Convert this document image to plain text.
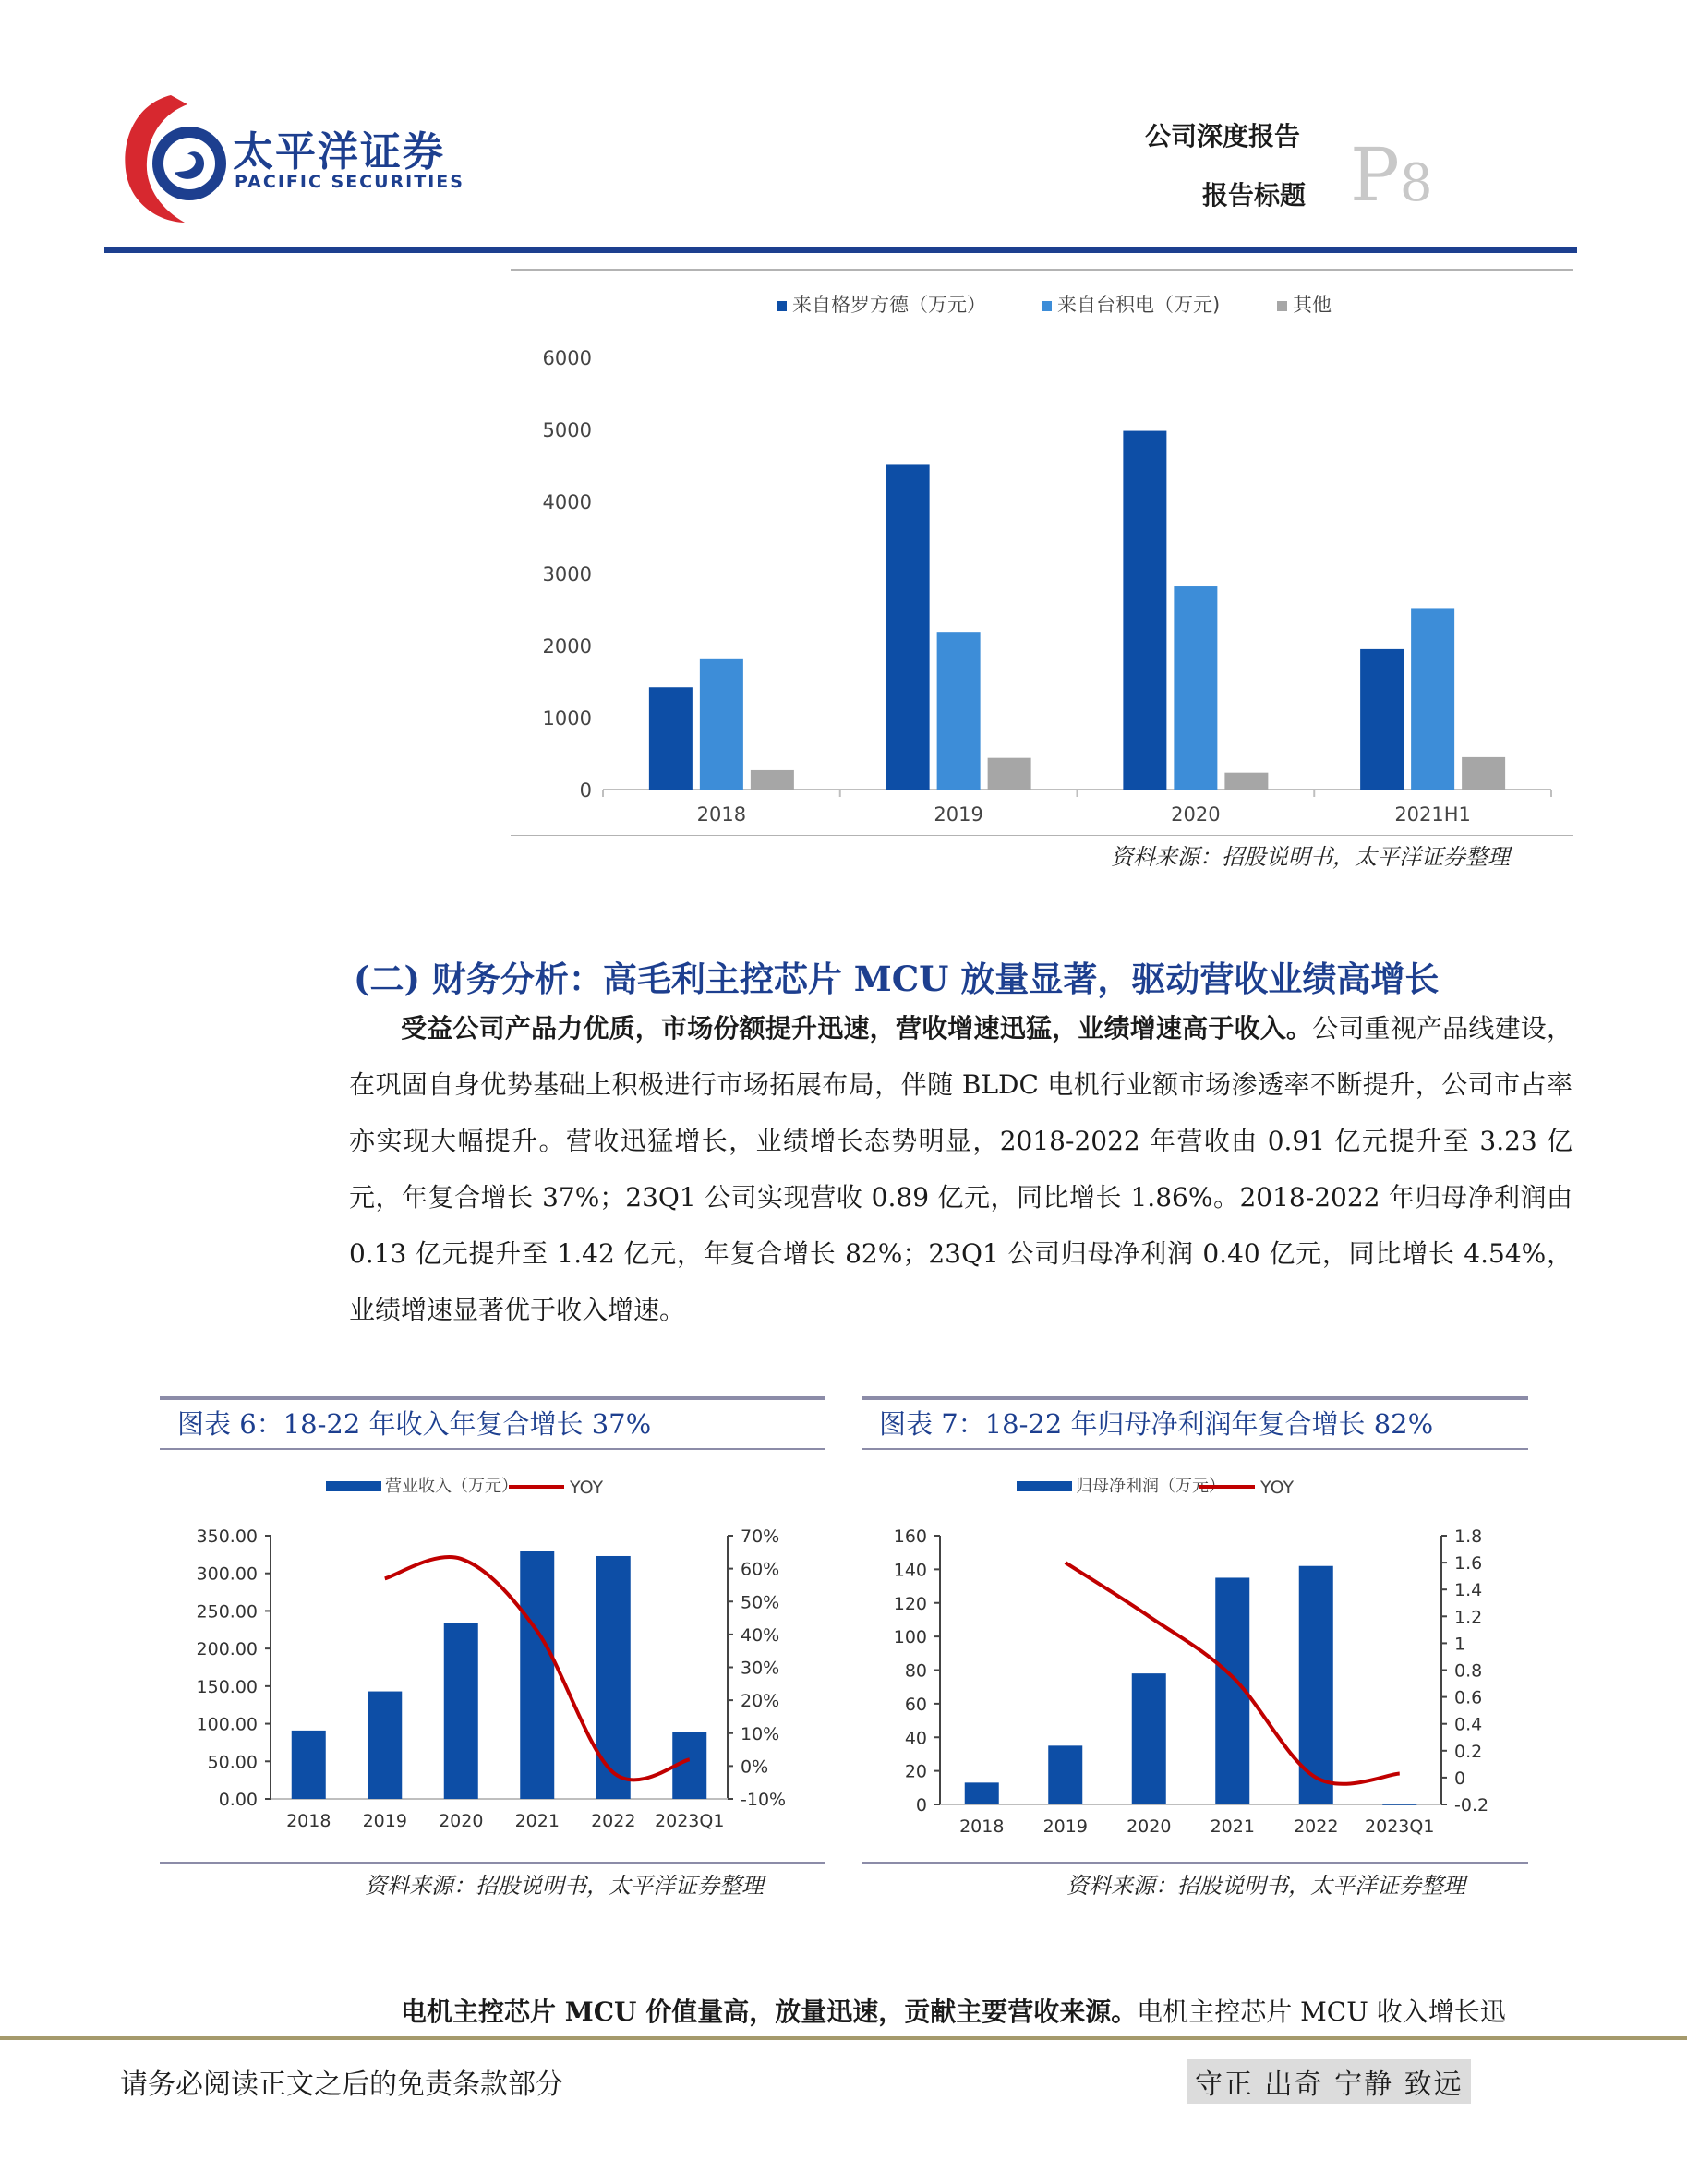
太平洋证券
PACIFIC SECURITIES
公司深度报告
报告标题 P8
来自格罗方德（万元）	来自台积电（万元)	其他
0
1000
2000
3000
4000
5000
6000
2018	2019	2020	2021H1
资料来源：招股说明书，太平洋证券整理
(二) 财务分析：高毛利主控芯片 MCU 放量显著，驱动营收业绩高增长
受益公司产品力优质，市场份额提升迅速，营收增速迅猛，业绩增速高于收入。公司重视产品线建设，在巩固自身优势基础上积极进行市场拓展布局，伴随 BLDC 电机行业额市场渗透率不断提升，公司市占率亦实现大幅提升。营收迅猛增长，业绩增长态势明显，2018-2022 年营收由 0.91 亿元提升至 3.23 亿元，年复合增长 37%；23Q1 公司实现营收 0.89 亿元，同比增长 1.86%。2018-2022 年归母净利润由 0.13 亿元提升至 1.42 亿元，年复合增长 82%；23Q1 公司归母净利润 0.40 亿元，同比增长 4.54%，业绩增速显著优于收入增速。
图表 6：18-22 年收入年复合增长 37%
营业收入（万元）	YOY
0.00
50.00
100.00
150.00
200.00
250.00
300.00
350.00
-10%
0%
10%
20%
30%
40%
50%
60%
70%
2018 2019 2020 2021 2022 2023Q1
资料来源：招股说明书，太平洋证券整理
图表 7：18-22 年归母净利润年复合增长 82%
归母净利润（万元） YOY
0
20
40
60
80
100
120
140
160
-0.2
0
0.2
0.4
0.6
0.8
1
1.2
1.4
1.6
1.8
2018 2019 2020 2021 2022 2023Q1
资料来源：招股说明书，太平洋证券整理
电机主控芯片 MCU 价值量高，放量迅速，贡献主要营收来源。电机主控芯片 MCU 收入增长迅
请务必阅读正文之后的免责条款部分	守正 出奇 宁静 致远
